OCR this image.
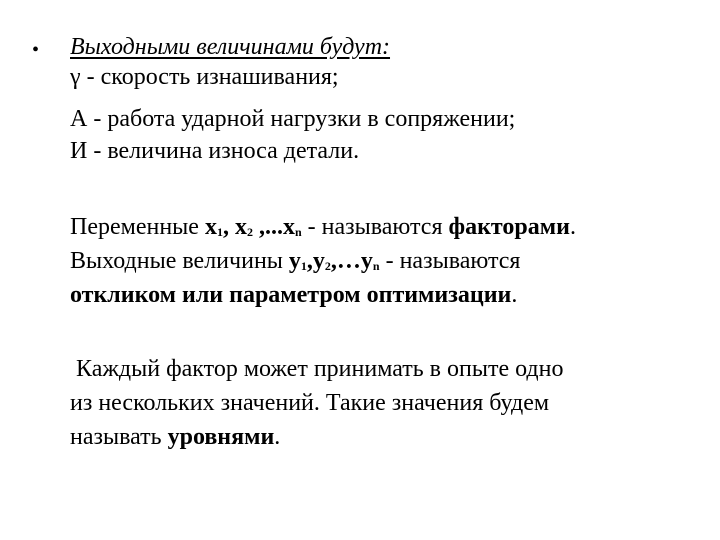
• Выходными величинами будут:
γ - скорость изнашивания;
А - работа ударной нагрузки в сопряжении;
И - величина износа детали.
Переменные x1, x2 ,...xn - называются факторами.
Выходные величины y1,y2,…yn - называются
откликом или параметром оптимизации.
Каждый фактор может принимать в опыте одно
из нескольких значений. Такие значения будем
называть уровнями.
